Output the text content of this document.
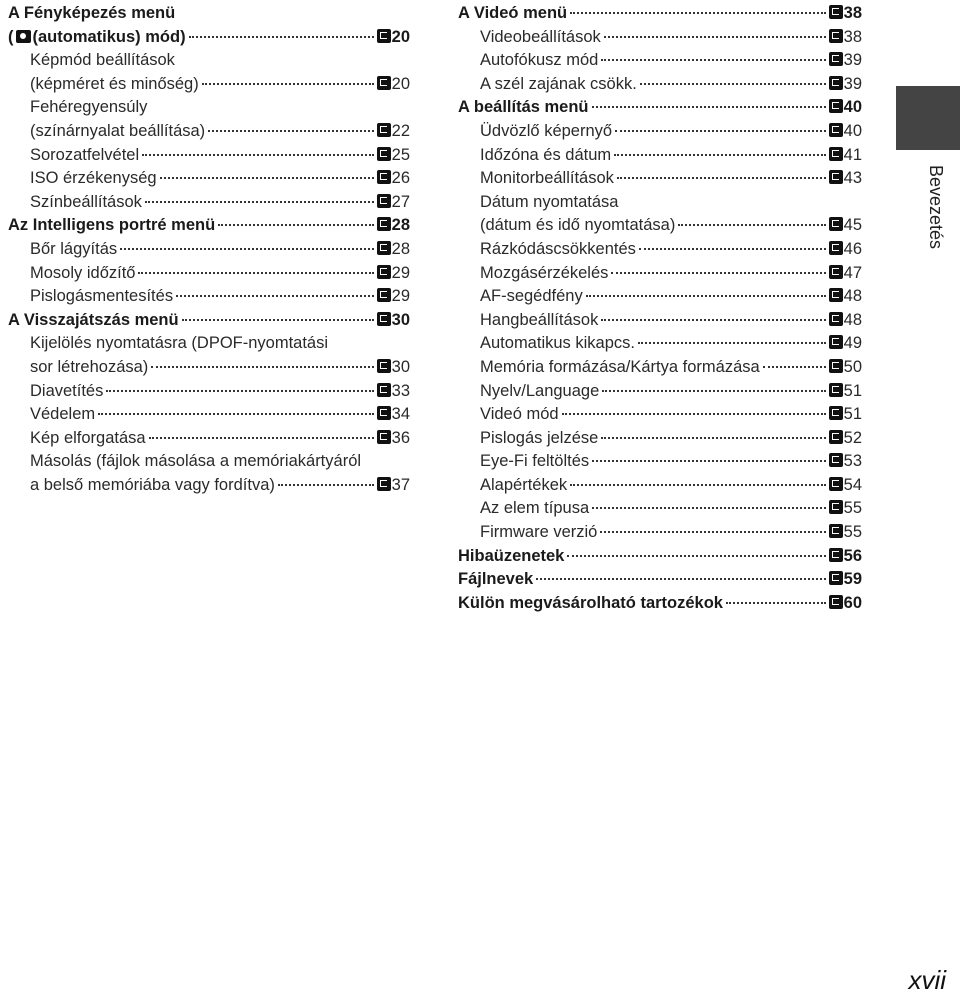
A Fényképezés menü
( (automatikus) mód)	20
Képmód beállítások
(képméret és minőség)	20
Fehéregyensúly
(színárnyalat beállítása)	22
Sorozatfelvétel	25
ISO érzékenység	26
Színbeállítások	27
Az Intelligens portré menü	28
Bőr lágyítás	28
Mosoly időzítő	29
Pislogásmentesítés	29
A Visszajátszás menü	30
Kijelölés nyomtatásra (DPOF-nyomtatási
sor létrehozása)	30
Diavetítés	33
Védelem	34
Kép elforgatása	36
Másolás (fájlok másolása a memóriakártyáról
a belső memóriába vagy fordítva)	37
A Videó menü	38
Videobeállítások	38
Autofókusz mód	39
A szél zajának csökk.	39
A beállítás menü	40
Üdvözlő képernyő	40
Időzóna és dátum	41
Monitorbeállítások	43
Dátum nyomtatása
(dátum és idő nyomtatása)	45
Rázkódáscsökkentés	46
Mozgásérzékelés	47
AF-segédfény	48
Hangbeállítások	48
Automatikus kikapcs.	49
Memória formázása/Kártya formázása	50
Nyelv/Language	51
Videó mód	51
Pislogás jelzése	52
Eye-Fi feltöltés	53
Alapértékek	54
Az elem típusa	55
Firmware verzió	55
Hibaüzenetek	56
Fájlnevek	59
Külön megvásárolható tartozékok	60
Bevezetés
xvii
